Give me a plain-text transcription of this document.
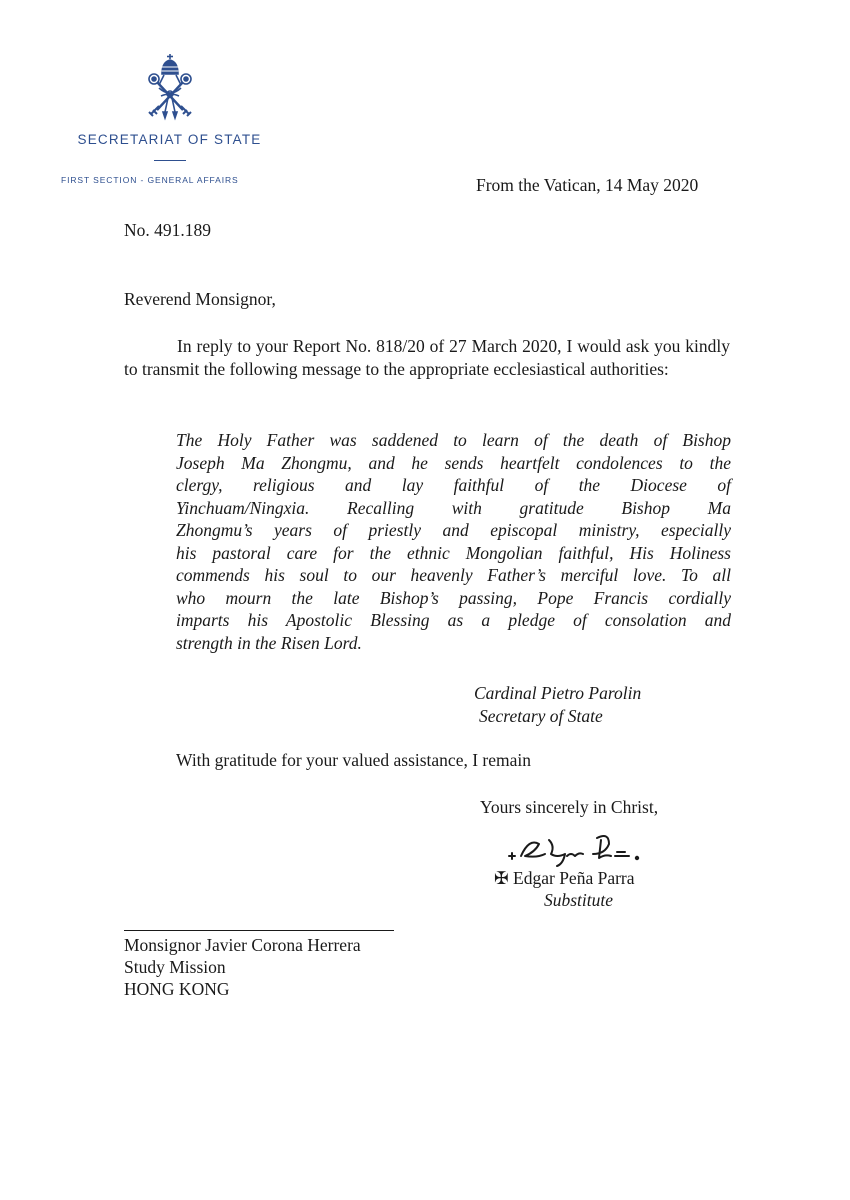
SECRETARIAT OF STATE
FIRST SECTION - GENERAL AFFAIRS	From the Vatican, 14 May 2020
No. 491.189
Reverend Monsignor,
In reply to your Report No. 818/20 of 27 March 2020, I would ask you kindly to transmit the following message to the appropriate ecclesiastical authorities:
The Holy Father was saddened to learn of the death of Bishop
Joseph Ma Zhongmu, and he sends heartfelt condolences to the
clergy, religious and lay faithful of the Diocese of
Yinchuam/Ningxia. Recalling with gratitude Bishop Ma
Zhongmu’s years of priestly and episcopal ministry, especially
his pastoral care for the ethnic Mongolian faithful, His Holiness
commends his soul to our heavenly Father’s merciful love. To all
who mourn the late Bishop’s passing, Pope Francis cordially
imparts his Apostolic Blessing as a pledge of consolation and
strength in the Risen Lord.
Cardinal Pietro Parolin
Secretary of State
With gratitude for your valued assistance, I remain
Yours sincerely in Christ,
✠ Edgar Peña Parra
Substitute
Monsignor Javier Corona Herrera
Study Mission
HONG KONG
